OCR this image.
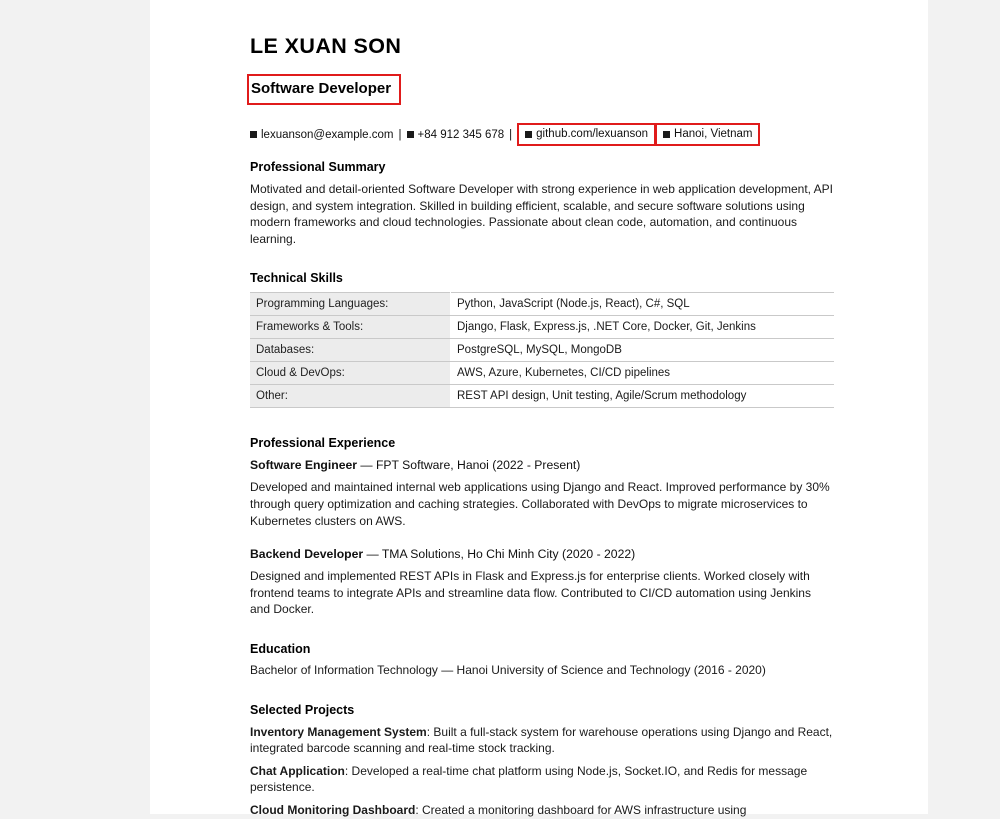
LE XUAN SON
Software Developer
lexuanson@example.com | +84 912 345 678 | github.com/lexuanson Hanoi, Vietnam
Professional Summary

Motivated and detail-oriented Software Developer with strong experience in web application development, API design, and system integration. Skilled in building efficient, scalable, and secure software solutions using modern frameworks and cloud technologies. Passionate about clean code, automation, and continuous learning.

Technical Skills
Programming Languages:	Python, JavaScript (Node.js, React), C#, SQL
Frameworks & Tools:	Django, Flask, Express.js, .NET Core, Docker, Git, Jenkins
Databases:	PostgreSQL, MySQL, MongoDB
Cloud & DevOps:	AWS, Azure, Kubernetes, CI/CD pipelines
Other:	REST API design, Unit testing, Agile/Scrum methodology
Professional Experience
Software Engineer — FPT Software, Hanoi (2022 - Present)

Developed and maintained internal web applications using Django and React. Improved performance by 30% through query optimization and caching strategies. Collaborated with DevOps to migrate microservices to Kubernetes clusters on AWS.

Backend Developer — TMA Solutions, Ho Chi Minh City (2020 - 2022)

Designed and implemented REST APIs in Flask and Express.js for enterprise clients. Worked closely with frontend teams to integrate APIs and streamline data flow. Contributed to CI/CD automation using Jenkins and Docker.

Education

Bachelor of Information Technology — Hanoi University of Science and Technology (2016 - 2020)

Selected Projects

Inventory Management System: Built a full-stack system for warehouse operations using Django and React, integrated barcode scanning and real-time stock tracking.

Chat Application: Developed a real-time chat platform using Node.js, Socket.IO, and Redis for message persistence.

Cloud Monitoring Dashboard: Created a monitoring dashboard for AWS infrastructure using
